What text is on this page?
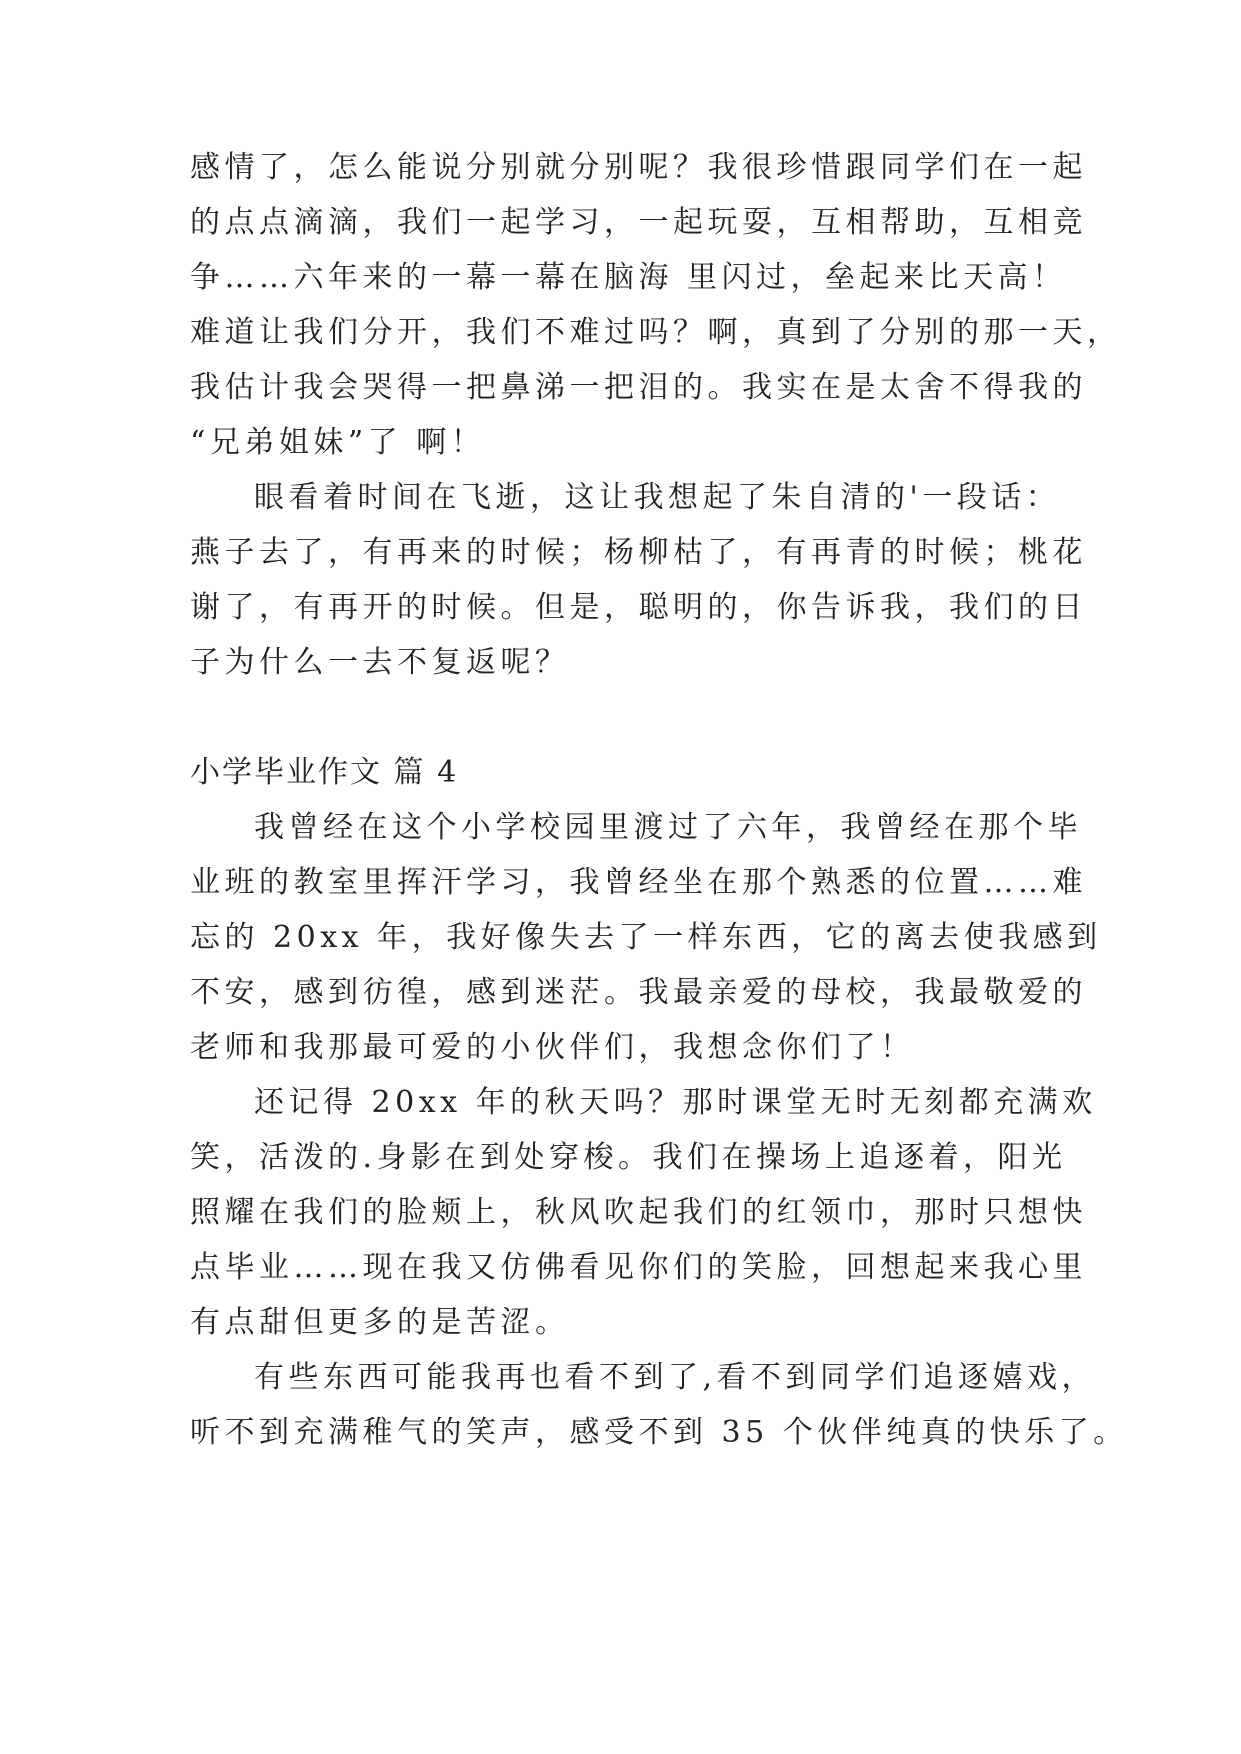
感情了，怎么能说分别就分别呢？我很珍惜跟同学们在一起
的点点滴滴，我们一起学习，一起玩耍，互相帮助，互相竞
争……六年来的一幕一幕在脑海 里闪过，垒起来比天高！
难道让我们分开，我们不难过吗？啊，真到了分别的那一天，
我估计我会哭得一把鼻涕一把泪的。我实在是太舍不得我的
“兄弟姐妹”了 啊！
眼看着时间在飞逝，这让我想起了朱自清的'一段话：
燕子去了，有再来的时候；杨柳枯了，有再青的时候；桃花
谢了，有再开的时候。但是，聪明的，你告诉我，我们的日
子为什么一去不复返呢？
小学毕业作文 篇 4
我曾经在这个小学校园里渡过了六年，我曾经在那个毕
业班的教室里挥汗学习，我曾经坐在那个熟悉的位置……难
忘的 20xx 年，我好像失去了一样东西，它的离去使我感到
不安，感到彷徨，感到迷茫。我最亲爱的母校，我最敬爱的
老师和我那最可爱的小伙伴们，我想念你们了！
还记得 20xx 年的秋天吗？那时课堂无时无刻都充满欢
笑，活泼的.身影在到处穿梭。我们在操场上追逐着，阳光
照耀在我们的脸颊上，秋风吹起我们的红领巾，那时只想快
点毕业……现在我又仿佛看见你们的笑脸，回想起来我心里
有点甜但更多的是苦涩。
有些东西可能我再也看不到了,看不到同学们追逐嬉戏，
听不到充满稚气的笑声，感受不到 35 个伙伴纯真的快乐了。
